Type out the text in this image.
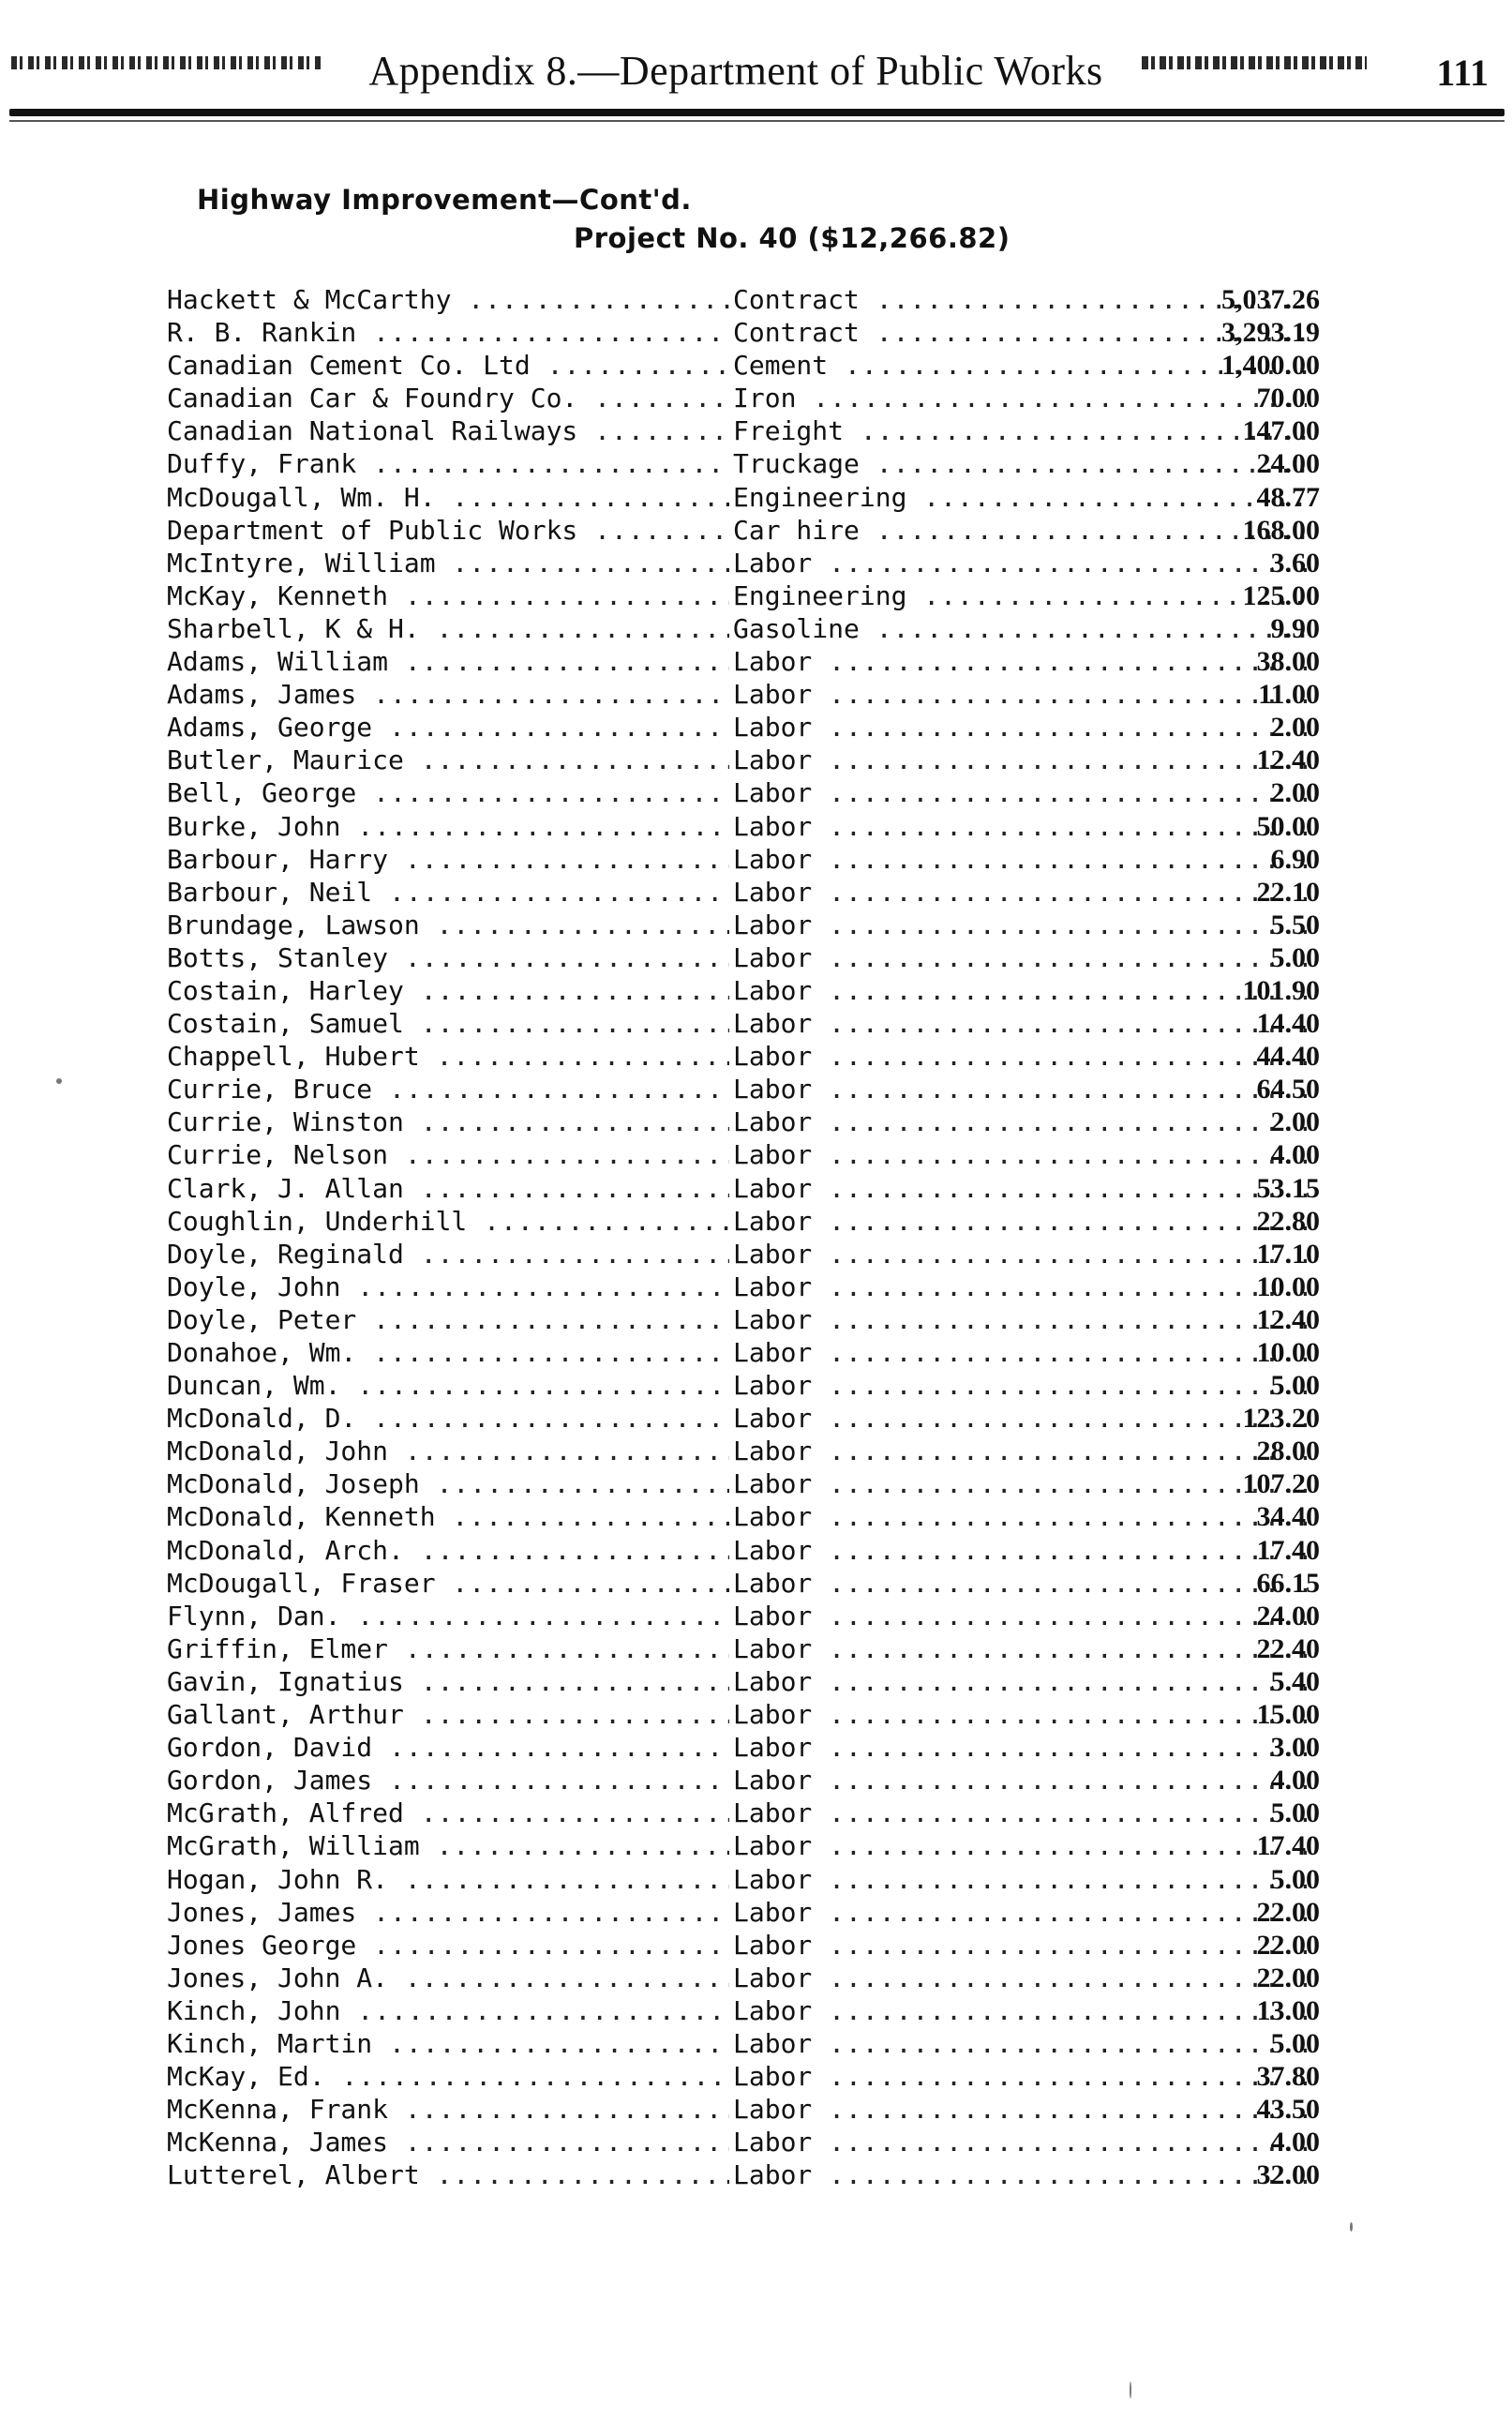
Appendix 8.—Department of Public Works	111
Highway Improvement—Cont'd.
Project No. 40 ($12,266.82)
Hackett & McCarthy .....	Contract .....	5,037.26
R. B. Rankin .....	Contract .....	3,293.19
Canadian Cement Co. Ltd .....	Cement .....	1,400.00
Canadian Car & Foundry Co. .....	Iron .....	70.00
Canadian National Railways .....	Freight .....	147.00
Duffy, Frank .....	Truckage .....	24.00
McDougall, Wm. H. .....	Engineering .....	48.77
Department of Public Works .....	Car hire .....	168.00
McIntyre, William .....	Labor .....	3.60
McKay, Kenneth .....	Engineering .....	125.00
Sharbell, K & H. .....	Gasoline .....	9.90
Adams, William .....	Labor .....	38.00
Adams, James .....	Labor .....	11.00
Adams, George .....	Labor .....	2.00
Butler, Maurice .....	Labor .....	12.40
Bell, George .....	Labor .....	2.00
Burke, John .....	Labor .....	50.00
Barbour, Harry .....	Labor .....	6.90
Barbour, Neil .....	Labor .....	22.10
Brundage, Lawson .....	Labor .....	5.50
Botts, Stanley .....	Labor .....	5.00
Costain, Harley .....	Labor .....	101.90
Costain, Samuel .....	Labor .....	14.40
Chappell, Hubert .....	Labor .....	44.40
Currie, Bruce .....	Labor .....	64.50
Currie, Winston .....	Labor .....	2.00
Currie, Nelson .....	Labor .....	4.00
Clark, J. Allan .....	Labor .....	53.15
Coughlin, Underhill .....	Labor .....	22.80
Doyle, Reginald .....	Labor .....	17.10
Doyle, John .....	Labor .....	10.00
Doyle, Peter .....	Labor .....	12.40
Donahoe, Wm. .....	Labor .....	10.00
Duncan, Wm. .....	Labor .....	5.00
McDonald, D. .....	Labor .....	123.20
McDonald, John .....	Labor .....	28.00
McDonald, Joseph .....	Labor .....	107.20
McDonald, Kenneth .....	Labor .....	34.40
McDonald, Arch. .....	Labor .....	17.40
McDougall, Fraser .....	Labor .....	66.15
Flynn, Dan. .....	Labor .....	24.00
Griffin, Elmer .....	Labor .....	22.40
Gavin, Ignatius .....	Labor .....	5.40
Gallant, Arthur .....	Labor .....	15.00
Gordon, David .....	Labor .....	3.00
Gordon, James .....	Labor .....	4.00
McGrath, Alfred .....	Labor .....	5.00
McGrath, William .....	Labor .....	17.40
Hogan, John R. .....	Labor .....	5.00
Jones, James .....	Labor .....	22.00
Jones George .....	Labor .....	22.00
Jones, John A. .....	Labor .....	22.00
Kinch, John .....	Labor .....	13.00
Kinch, Martin .....	Labor .....	5.00
McKay, Ed. .....	Labor .....	37.80
McKenna, Frank .....	Labor .....	43.50
McKenna, James .....	Labor .....	4.00
Lutterel, Albert .....	Labor .....	32.00
